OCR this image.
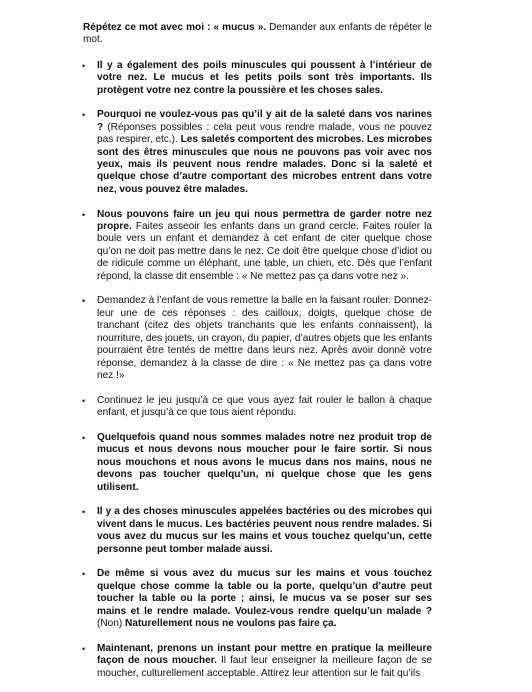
Répétez ce mot avec moi : « mucus ». Demander aux enfants de répéter le mot.

•	Il y a également des poils minuscules qui poussent à l’intérieur de votre nez. Le mucus et les petits poils sont très importants. Ils protègent votre nez contre la poussière et les choses sales.
•	Pourquoi ne voulez-vous pas qu’il y ait de la saleté dans vos narines ? (Réponses possibles : cela peut vous rendre malade, vous ne pouvez pas respirer, etc.). Les saletés comportent des microbes. Les microbes sont des êtres minuscules que nous ne pouvons pas voir avec nos yeux, mais ils peuvent nous rendre malades. Donc si la saleté et quelque chose d’autre comportant des microbes entrent dans votre nez, vous pouvez être malades.
•	Nous pouvons faire un jeu qui nous permettra de garder notre nez propre. Faites asseoir les enfants dans un grand cercle. Faites rouler la boule vers un enfant et demandez à cet enfant de citer quelque chose qu’on ne doit pas mettre dans le nez. Ce doit être quelque chose d’idiot ou de ridicule comme un éléphant, une table, un chien, etc. Dès que l’enfant répond, la classe dit ensemble : « Ne mettez pas ça dans votre nez ».
•	Demandez à l’enfant de vous remettre la balle en la faisant rouler. Donnez-leur une de ces réponses : des cailloux, doigts, quelque chose de tranchant (citez des objets tranchants que les enfants connaissent), la nourriture, des jouets, un crayon, du papier, d’autres objets que les enfants pourraient être tentés de mettre dans leurs nez. Après avoir donné votre réponse, demandez à la classe de dire : « Ne mettez pas ça dans votre nez !»
•	Continuez le jeu jusqu’à ce que vous ayez fait rouler le ballon à chaque enfant, et jusqu’à ce que tous aient répondu.
•	Quelquefois quand nous sommes malades notre nez produit trop de mucus et nous devons nous moucher pour le faire sortir. Si nous nous mouchons et nous avons le mucus dans nos mains, nous ne devons pas toucher quelqu’un, ni quelque chose que les gens utilisent.
•	Il y a des choses minuscules appelées bactéries ou des microbes qui vivent dans le mucus. Les bactéries peuvent nous rendre malades. Si vous avez du mucus sur les mains et vous touchez quelqu’un, cette personne peut tomber malade aussi.
•	De même si vous avez du mucus sur les mains et vous touchez quelque chose comme la table ou la porte, quelqu’un d’autre peut toucher la table ou la porte ; ainsi, le mucus va se poser sur ses mains et le rendre malade. Voulez-vous rendre quelqu’un malade ? (Non) Naturellement nous ne voulons pas faire ça.
•	Maintenant, prenons un instant pour mettre en pratique la meilleure façon de nous moucher. Il faut leur enseigner la meilleure façon de se moucher, culturellement acceptable. Attirez leur attention sur le fait qu’ils
